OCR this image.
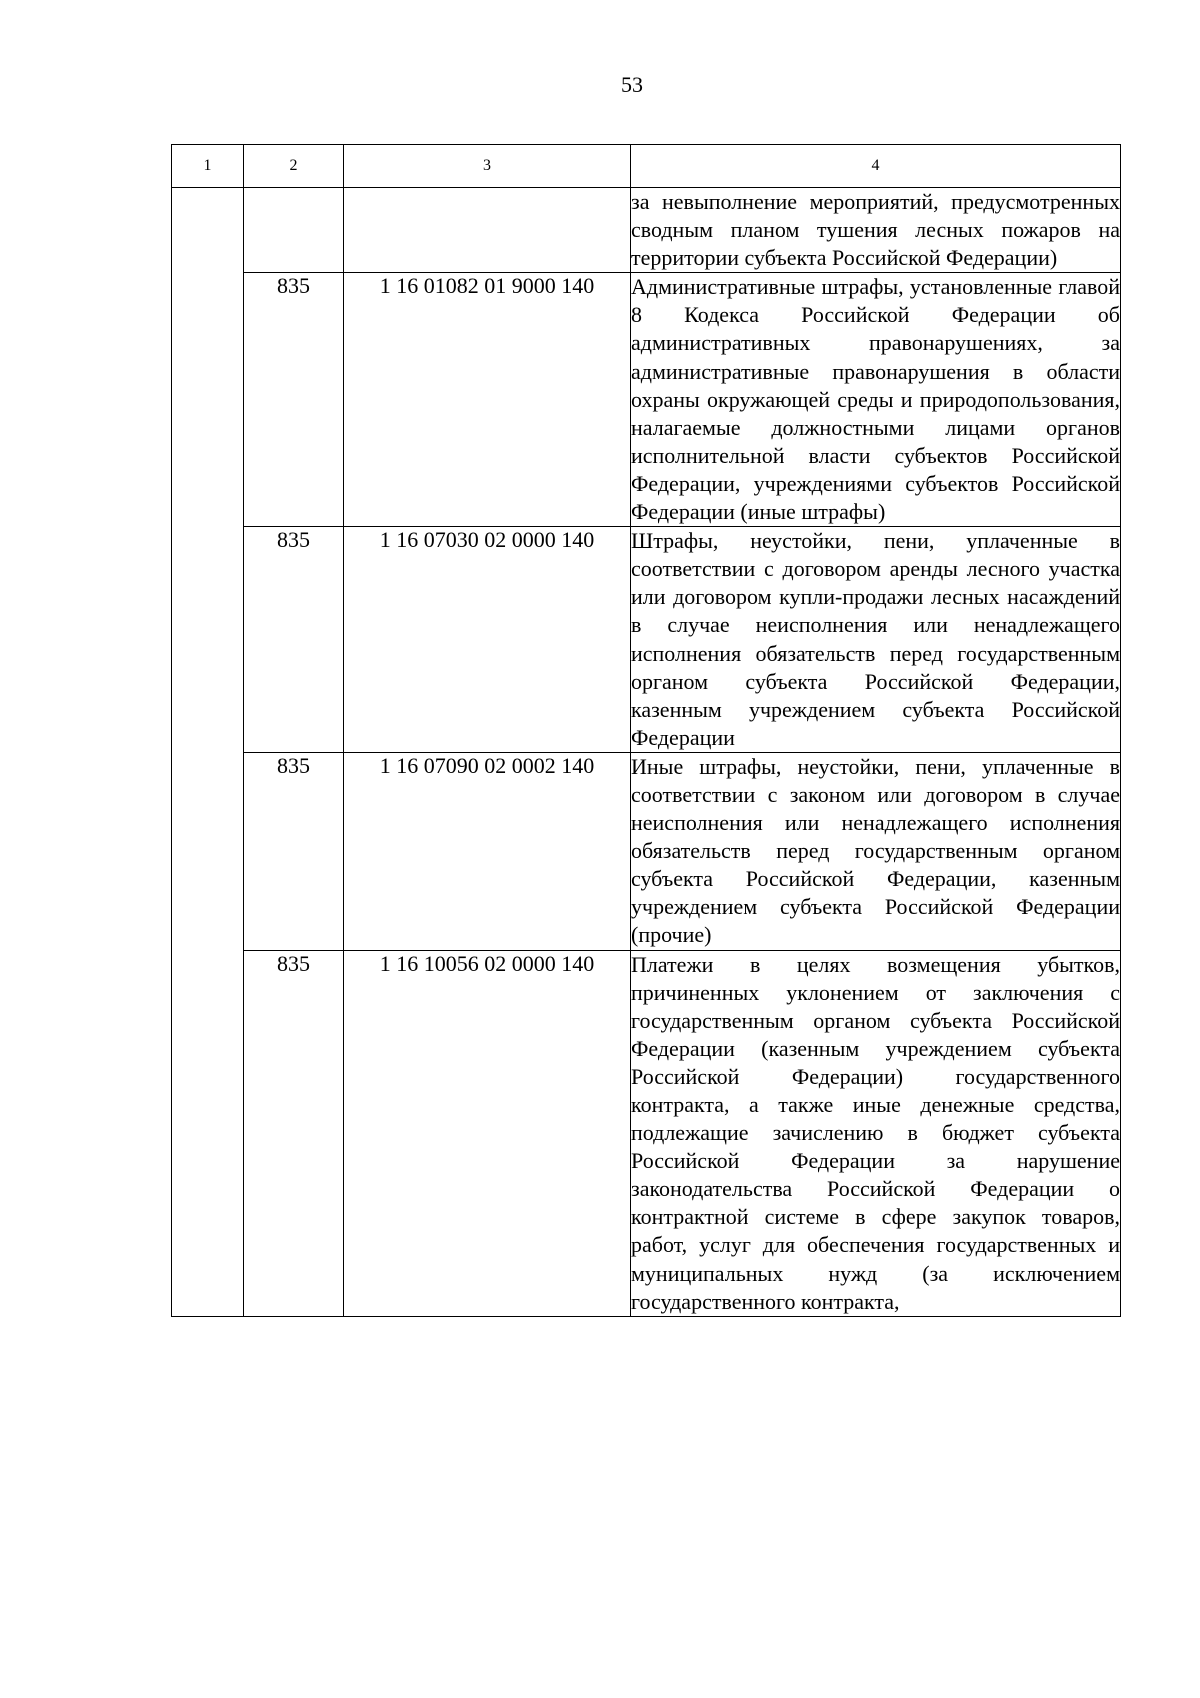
53
1	2	3	4
			за невыполнение мероприятий, предусмотренных сводным планом тушения лесных пожаров на территории субъекта Российской Федерации)
	835	1 16 01082 01 9000 140	Административные штрафы, установленные главой 8 Кодекса Российской Федерации об административных правонарушениях, за административные правонарушения в области охраны окружающей среды и природопользования, налагаемые должностными лицами органов исполнительной власти субъектов Российской Федерации, учреждениями субъектов Российской Федерации (иные штрафы)
	835	1 16 07030 02 0000 140	Штрафы, неустойки, пени, уплаченные в соответствии с договором аренды лесного участка или договором купли-продажи лесных насаждений в случае неисполнения или ненадлежащего исполнения обязательств перед государственным органом субъекта Российской Федерации, казенным учреждением субъекта Российской Федерации
	835	1 16 07090 02 0002 140	Иные штрафы, неустойки, пени, уплаченные в соответствии с законом или договором в случае неисполнения или ненадлежащего исполнения обязательств перед государственным органом субъекта Российской Федерации, казенным учреждением субъекта Российской Федерации (прочие)
	835	1 16 10056 02 0000 140	Платежи в целях возмещения убытков, причиненных уклонением от заключения с государственным органом субъекта Российской Федерации (казенным учреждением субъекта Российской Федерации) государственного контракта, а также иные денежные средства, подлежащие зачислению в бюджет субъекта Российской Федерации за нарушение законодательства Российской Федерации о контрактной системе в сфере закупок товаров, работ, услуг для обеспечения государственных и муниципальных нужд (за исключением государственного контракта,
